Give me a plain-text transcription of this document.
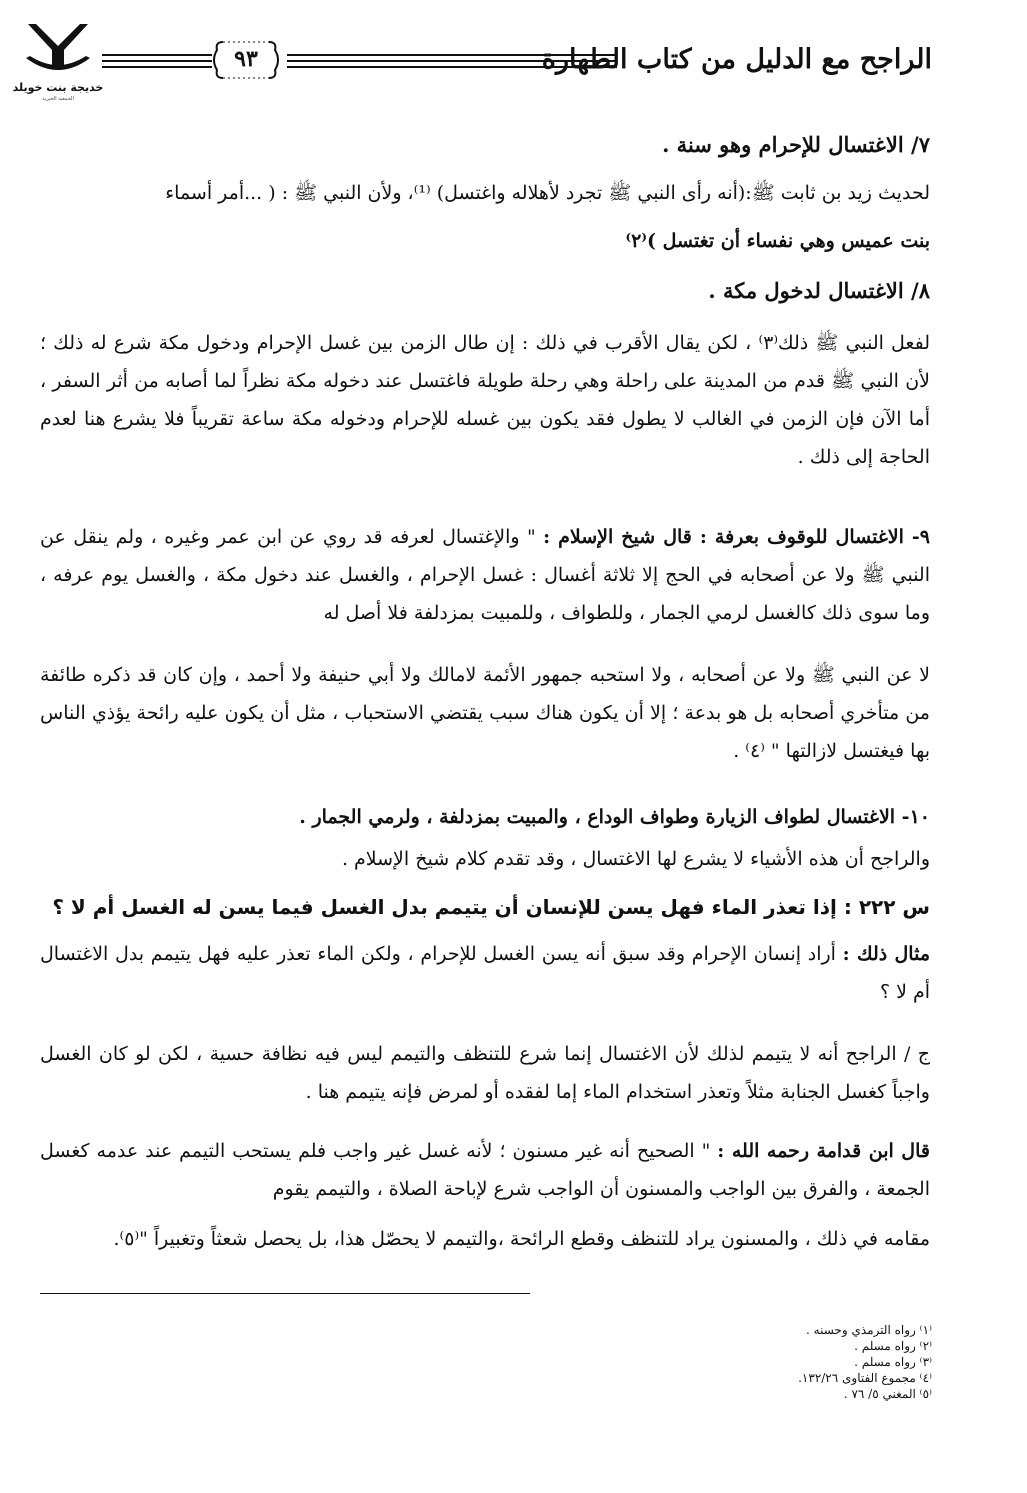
خديجة بنت خويلد
الجمعية الخيرية
٩٣	الراجح مع الدليل من كتاب الطهارة
٧/ الاغتسال للإحرام وهو سنة .
لحديث زيد بن ثابت ﷺ:(أنه رأى النبي ﷺ تجرد لأهلاله واغتسل) ⁽¹⁾، ولأن النبي ﷺ : ( ...أمر أسماء
بنت عميس وهي نفساء أن تغتسل )⁽٢⁾
٨/ الاغتسال لدخول مكة .
لفعل النبي ﷺ ذلك⁽٣⁾ ، لكن يقال الأقرب في ذلك : إن طال الزمن بين غسل الإحرام ودخول مكة شرع له ذلك ؛ لأن النبي ﷺ قدم من المدينة على راحلة وهي رحلة طويلة فاغتسل عند دخوله مكة نظراً لما أصابه من أثر السفر ، أما الآن فإن الزمن في الغالب لا يطول فقد يكون بين غسله للإحرام ودخوله مكة ساعة تقريباً فلا يشرع هنا لعدم الحاجة إلى ذلك .
٩- الاغتسال للوقوف بعرفة : قال شيخ الإسلام : " والإغتسال لعرفه قد روي عن ابن عمر وغيره ، ولم ينقل عن النبي ﷺ ولا عن أصحابه في الحج إلا ثلاثة أغسال : غسل الإحرام ، والغسل عند دخول مكة ، والغسل يوم عرفه ، وما سوى ذلك كالغسل لرمي الجمار ، وللطواف ، وللمبيت بمزدلفة فلا أصل له
لا عن النبي ﷺ ولا عن أصحابه ، ولا استحبه جمهور الأئمة لامالك ولا أبي حنيفة ولا أحمد ، وإن كان قد ذكره طائفة من متأخري أصحابه بل هو بدعة ؛ إلا أن يكون هناك سبب يقتضي الاستحباب ، مثل أن يكون عليه رائحة يؤذي الناس بها فيغتسل لازالتها " ⁽٤⁾ .
١٠- الاغتسال لطواف الزيارة وطواف الوداع ، والمبيت بمزدلفة ، ولرمي الجمار .
والراجح أن هذه الأشياء لا يشرع لها الاغتسال ، وقد تقدم كلام شيخ الإسلام .
س ٢٢٢ : إذا تعذر الماء فهل يسن للإنسان أن يتيمم بدل الغسل فيما يسن له الغسل أم لا ؟
مثال ذلك : أراد إنسان الإحرام وقد سبق أنه يسن الغسل للإحرام ، ولكن الماء تعذر عليه فهل يتيمم بدل الاغتسال أم لا ؟
ج / الراجح أنه لا يتيمم لذلك لأن الاغتسال إنما شرع للتنظف والتيمم ليس فيه نظافة حسية ، لكن لو كان الغسل واجباً كغسل الجنابة مثلاً وتعذر استخدام الماء إما لفقده أو لمرض فإنه يتيمم هنا .
قال ابن قدامة رحمه الله : " الصحيح أنه غير مسنون ؛ لأنه غسل غير واجب فلم يستحب التيمم عند عدمه كغسل الجمعة ، والفرق بين الواجب والمسنون أن الواجب شرع لإباحة الصلاة ، والتيمم يقوم
مقامه في ذلك ، والمسنون يراد للتنظف وقطع الرائحة ،والتيمم لا يحصّل هذا، بل يحصل شعثاً وتغبيراً "⁽٥⁾.
⁽١⁾ رواه الترمذي وحسنه .
⁽٢⁾ رواه مسلم .
⁽٣⁾ رواه مسلم .
⁽٤⁾ مجموع الفتاوى ١٣٢/٢٦.
⁽٥⁾ المغني ٥/ ٧٦ .
